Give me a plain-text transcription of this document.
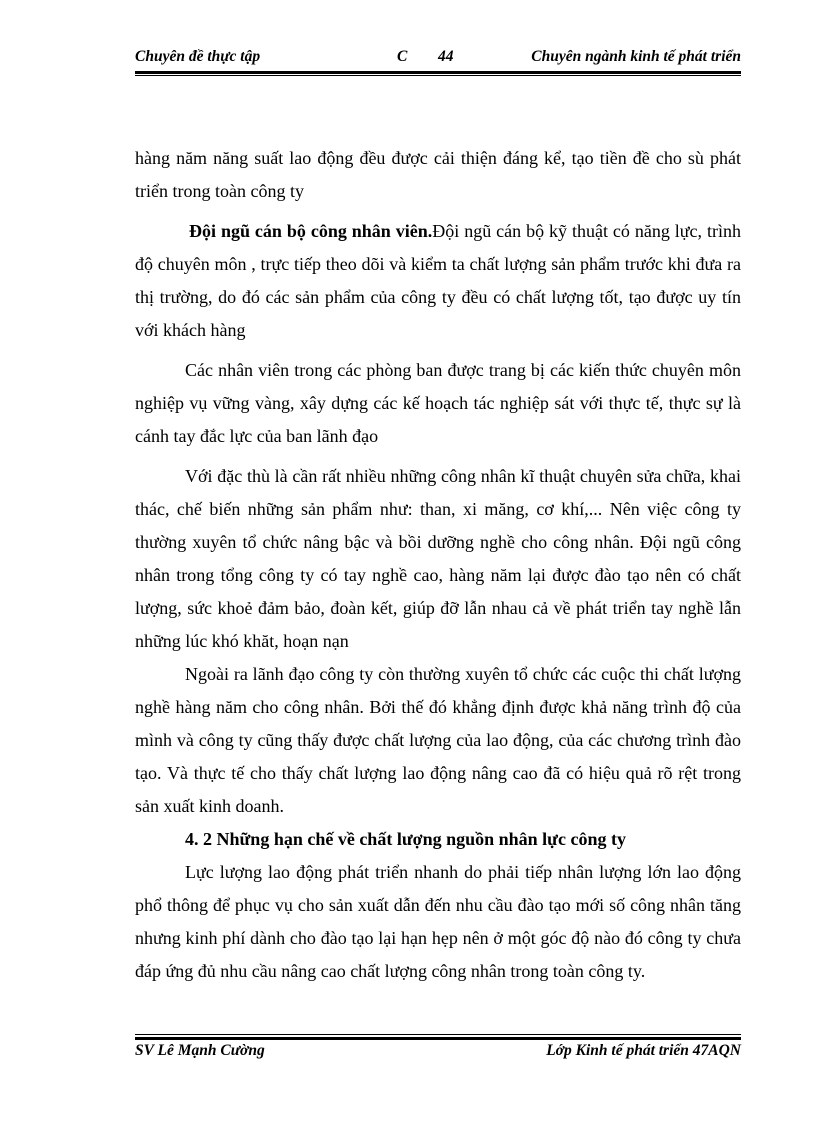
Chuyên đề thực tập	C 44	Chuyên ngành kinh tế phát triển

hàng năm năng suất lao động đều được cải thiện đáng kể, tạo tiền đề cho sù phát triển trong toàn công ty

Đội ngũ cán bộ công nhân viên.Đội ngũ cán bộ kỹ thuật có năng lực, trình độ chuyên môn , trực tiếp theo dõi và kiểm ta chất lượng sản phẩm trước khi đưa ra thị trường, do đó các sản phẩm của công ty đều có chất lượng tốt, tạo được uy tín với khách hàng

Các nhân viên trong các phòng ban được trang bị các kiến thức chuyên môn nghiệp vụ vững vàng, xây dựng các kế hoạch tác nghiệp sát với thực tế, thực sự là cánh tay đắc lực của ban lãnh đạo

Với đặc thù là cần rất nhiều những công nhân kĩ thuật chuyên sửa chữa, khai thác, chế biến những sản phẩm như: than, xi măng, cơ khí,... Nên việc công ty thường xuyên tổ chức nâng bậc và bồi dưỡng nghề cho công nhân. Đội ngũ công nhân trong tổng công ty có tay nghề cao, hàng năm lại được đào tạo nên có chất lượng, sức khoẻ đảm bảo, đoàn kết, giúp đỡ lẫn nhau cả về phát triển tay nghề lẫn những lúc khó khăt, hoạn nạn

Ngoài ra lãnh đạo công ty còn thường xuyên tổ chức các cuộc thi chất lượng nghề hàng năm cho công nhân. Bởi thế đó khẳng định được khả năng trình độ của mình và công ty cũng thấy được chất lượng của lao động, của các chương trình đào tạo. Và thực tế cho thấy chất lượng lao động nâng cao đã có hiệu quả rõ rệt trong sản xuất kinh doanh.

4. 2 Những hạn chế về chất lượng nguồn nhân lực công ty

Lực lượng lao động phát triển nhanh do phải tiếp nhân lượng lớn lao động phổ thông để phục vụ cho sản xuất dẫn đến nhu cầu đào tạo mới số công nhân tăng nhưng kinh phí dành cho đào tạo lại hạn hẹp nên ở một góc độ nào đó công ty chưa đáp ứng đủ nhu cầu nâng cao chất lượng công nhân trong toàn công ty.

SV Lê Mạnh Cường	Lớp Kinh tế phát triển 47AQN
